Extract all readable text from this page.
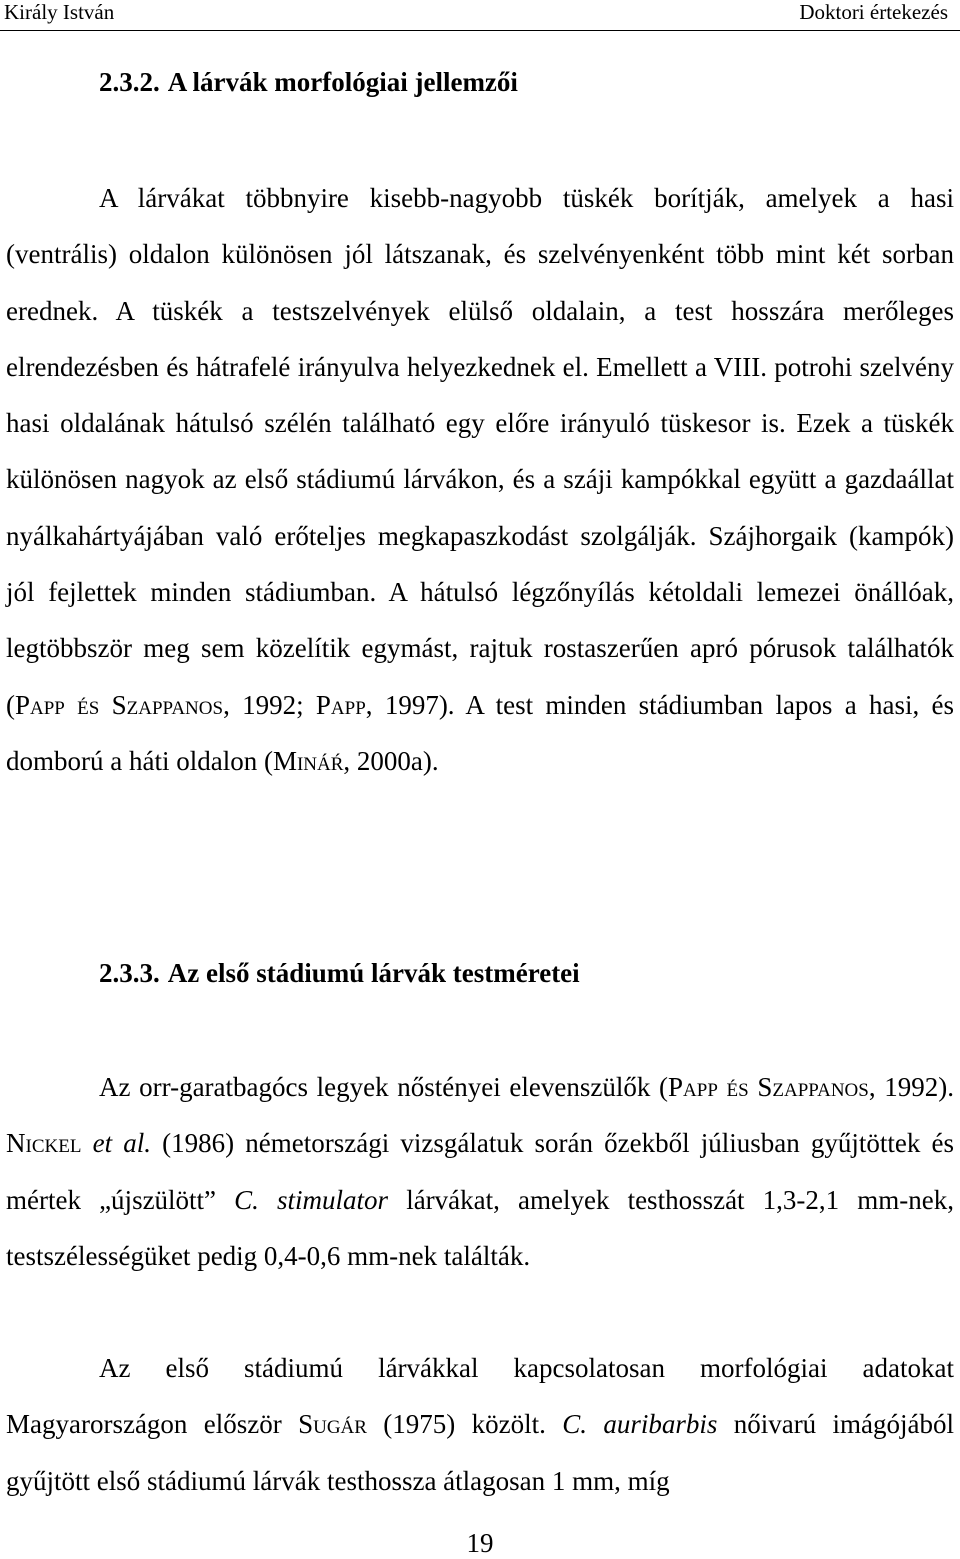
Király István	Doktori értekezés
2.3.2. A lárvák morfológiai jellemzői
A lárvákat többnyire kisebb-nagyobb tüskék borítják, amelyek a hasi (ventrális) oldalon különösen jól látszanak, és szelvényenként több mint két sorban erednek. A tüskék a testszelvények elülső oldalain, a test hosszára merőleges elrendezésben és hátrafelé irányulva helyezkednek el. Emellett a VIII. potrohi szelvény hasi oldalának hátulsó szélén található egy előre irányuló tüskesor is. Ezek a tüskék különösen nagyok az első stádiumú lárvákon, és a száji kampókkal együtt a gazdaállat nyálkahártyájában való erőteljes megkapaszkodást szolgálják. Szájhorgaik (kampók) jól fejlettek minden stádiumban. A hátulsó légzőnyílás kétoldali lemezei önállóak, legtöbbször meg sem közelítik egymást, rajtuk rostaszerűen apró pórusok találhatók (Papp és Szappanos, 1992; Papp, 1997). A test minden stádiumban lapos a hasi, és domború a háti oldalon (Mináŕ, 2000a).
2.3.3. Az első stádiumú lárvák testméretei
Az orr-garatbagócs legyek nőstényei elevenszülők (Papp és Szappanos, 1992). Nickel et al. (1986) németországi vizsgálatuk során őzekből júliusban gyűjtöttek és mértek „újszülött” C. stimulator lárvákat, amelyek testhosszát 1,3-2,1 mm-nek, testszélességüket pedig 0,4-0,6 mm-nek találták.
Az első stádiumú lárvákkal kapcsolatosan morfológiai adatokat Magyarországon először Sugár (1975) közölt. C. auribarbis nőivarú imágójából gyűjtött első stádiumú lárvák testhossza átlagosan 1 mm, míg
19
